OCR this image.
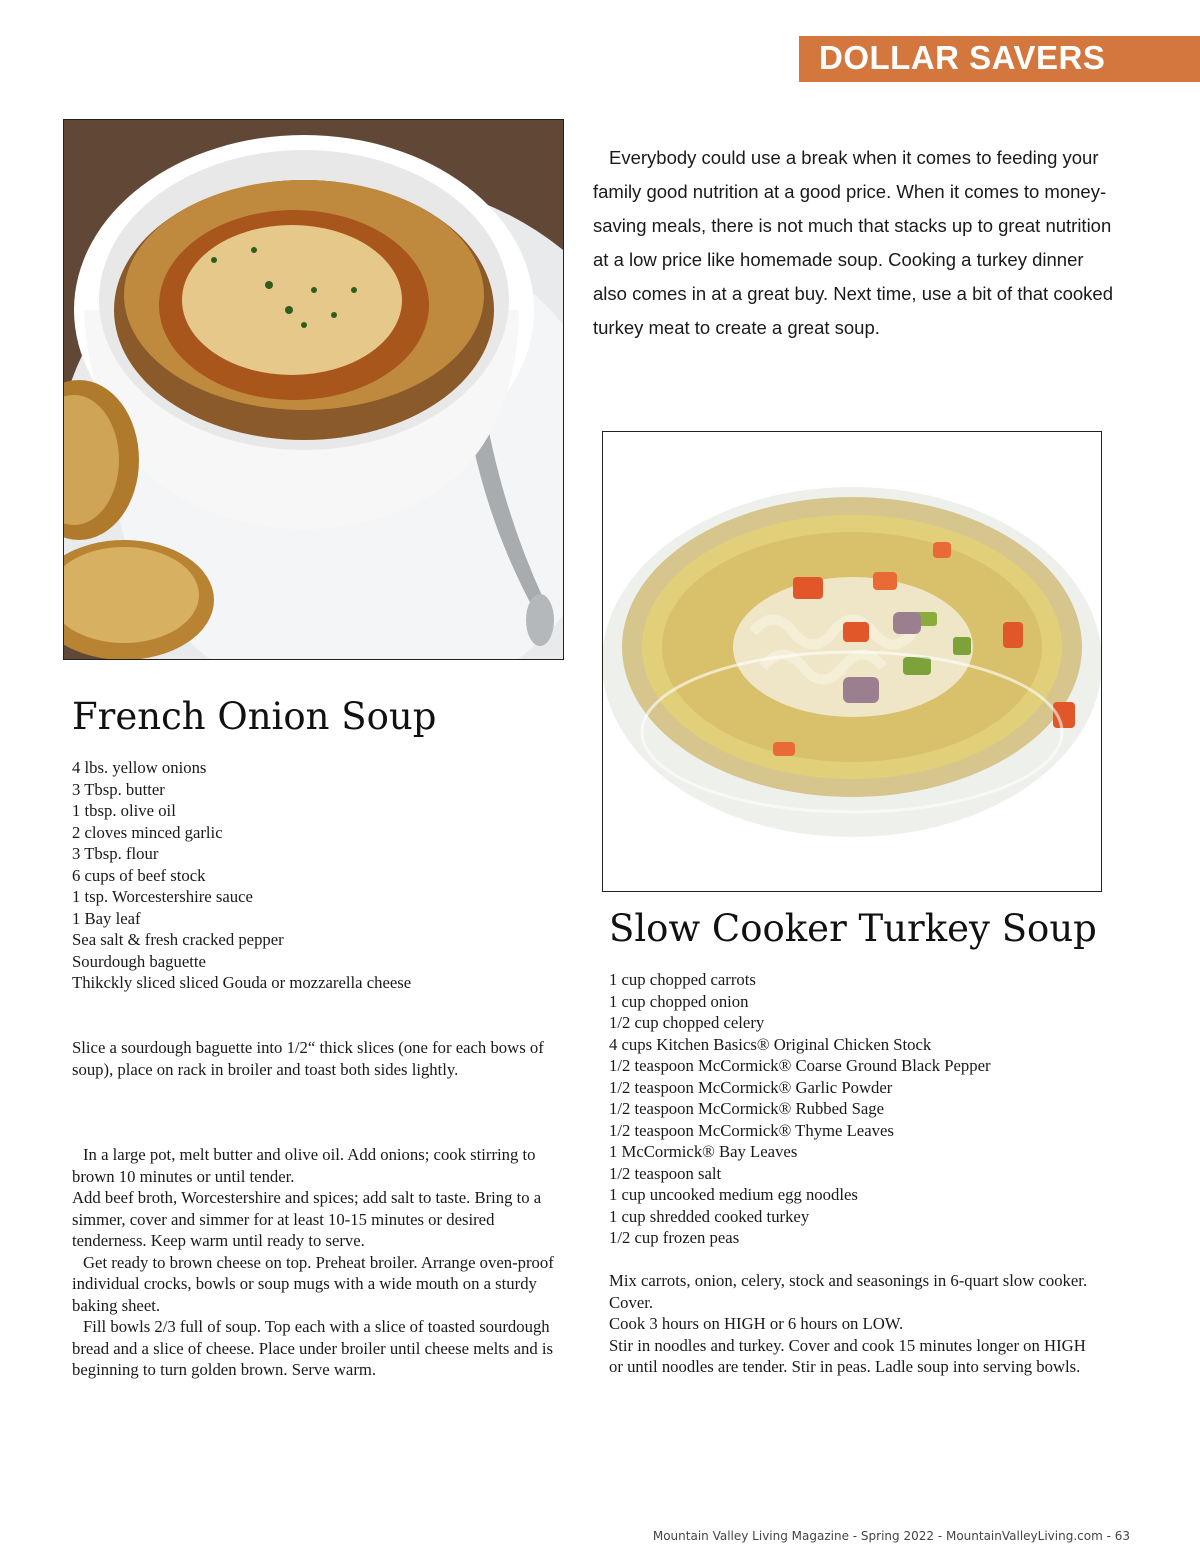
DOLLAR SAVERS

Everybody could use a break when it comes to feeding your family good nutrition at a good price. When it comes to money-saving meals, there is not much that stacks up to great nutrition at a low price like homemade soup. Cooking a turkey dinner also comes in at a great buy. Next time, use a bit of that cooked turkey meat to create a great soup.

French Onion Soup
4 lbs. yellow onions
3 Tbsp. butter
1 tbsp. olive oil
2 cloves minced garlic
3 Tbsp. flour
6 cups of beef stock
1 tsp. Worcestershire sauce
1 Bay leaf
Sea salt & fresh cracked pepper
Sourdough baguette
Thikckly sliced sliced Gouda or mozzarella cheese

Slice a sourdough baguette into 1/2“ thick slices (one for each bows of soup), place on rack in broiler and toast both sides lightly.

In a large pot, melt butter and olive oil. Add onions; cook stirring to brown 10 minutes or until tender.

Add beef broth, Worcestershire and spices; add salt to taste. Bring to a simmer, cover and simmer for at least 10-15 minutes or desired tenderness. Keep warm until ready to serve.

Get ready to brown cheese on top. Preheat broiler. Arrange oven-proof individual crocks, bowls or soup mugs with a wide mouth on a sturdy baking sheet.

Fill bowls 2/3 full of soup. Top each with a slice of toasted sourdough bread and a slice of cheese. Place under broiler until cheese melts and is beginning to turn golden brown. Serve warm.

Slow Cooker Turkey Soup
1 cup chopped carrots
1 cup chopped onion
1/2 cup chopped celery
4 cups Kitchen Basics® Original Chicken Stock
1/2 teaspoon McCormick® Coarse Ground Black Pepper
1/2 teaspoon McCormick® Garlic Powder
1/2 teaspoon McCormick® Rubbed Sage
1/2 teaspoon McCormick® Thyme Leaves
1 McCormick® Bay Leaves
1/2 teaspoon salt
1 cup uncooked medium egg noodles
1 cup shredded cooked turkey
1/2 cup frozen peas

Mix carrots, onion, celery, stock and seasonings in 6-quart slow cooker. Cover.

Cook 3 hours on HIGH or 6 hours on LOW.

Stir in noodles and turkey. Cover and cook 15 minutes longer on HIGH or until noodles are tender. Stir in peas. Ladle soup into serving bowls.

Mountain Valley Living Magazine - Spring 2022 - MountainValleyLiving.com - 63
